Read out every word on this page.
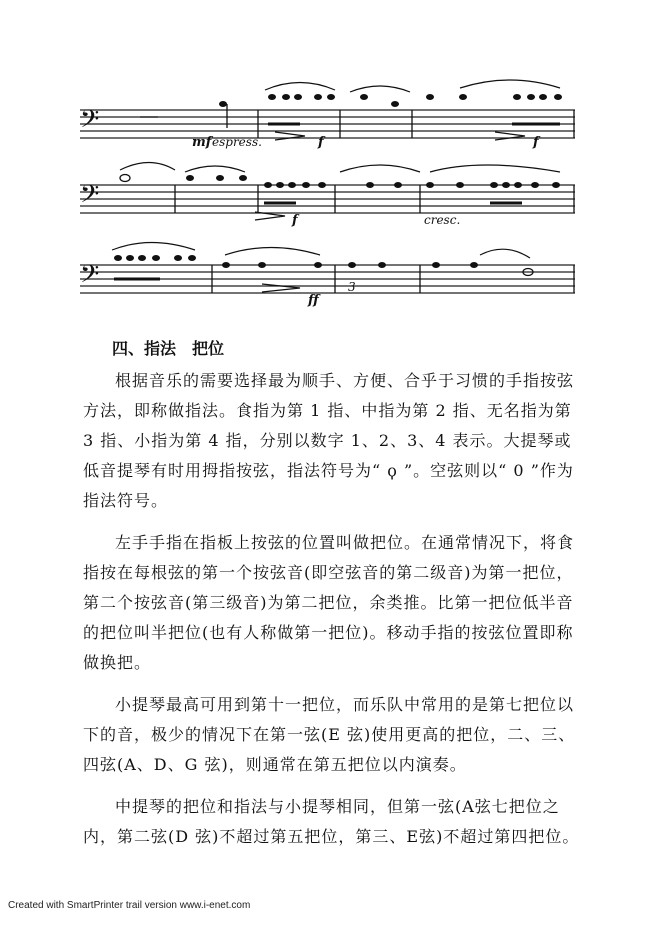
𝄢
mf espress.	f	f
𝄢
f	cresc.
𝄢
ff
3
四、指法　把位

根据音乐的需要选择最为顺手、方便、合乎于习惯的手指按弦方法，即称做指法。食指为第 1 指、中指为第 2 指、无名指为第 3 指、小指为第 4 指，分别以数字 1、2、3、4 表示。大提琴或低音提琴有时用拇指按弦，指法符号为“ ϙ ”。空弦则以“ 0 ”作为指法符号。

左手手指在指板上按弦的位置叫做把位。在通常情况下，将食指按在每根弦的第一个按弦音(即空弦音的第二级音)为第一把位，第二个按弦音(第三级音)为第二把位，余类推。比第一把位低半音的把位叫半把位(也有人称做第一把位)。移动手指的按弦位置即称做换把。

小提琴最高可用到第十一把位，而乐队中常用的是第七把位以下的音，极少的情况下在第一弦(E 弦)使用更高的把位，二、三、四弦(A、D、G 弦)，则通常在第五把位以内演奏。

中提琴的把位和指法与小提琴相同，但第一弦(A弦七把位之内，第二弦(D 弦)不超过第五把位，第三、E弦)不超过第四把位。

Created with SmartPrinter trail version www.i-enet.com
